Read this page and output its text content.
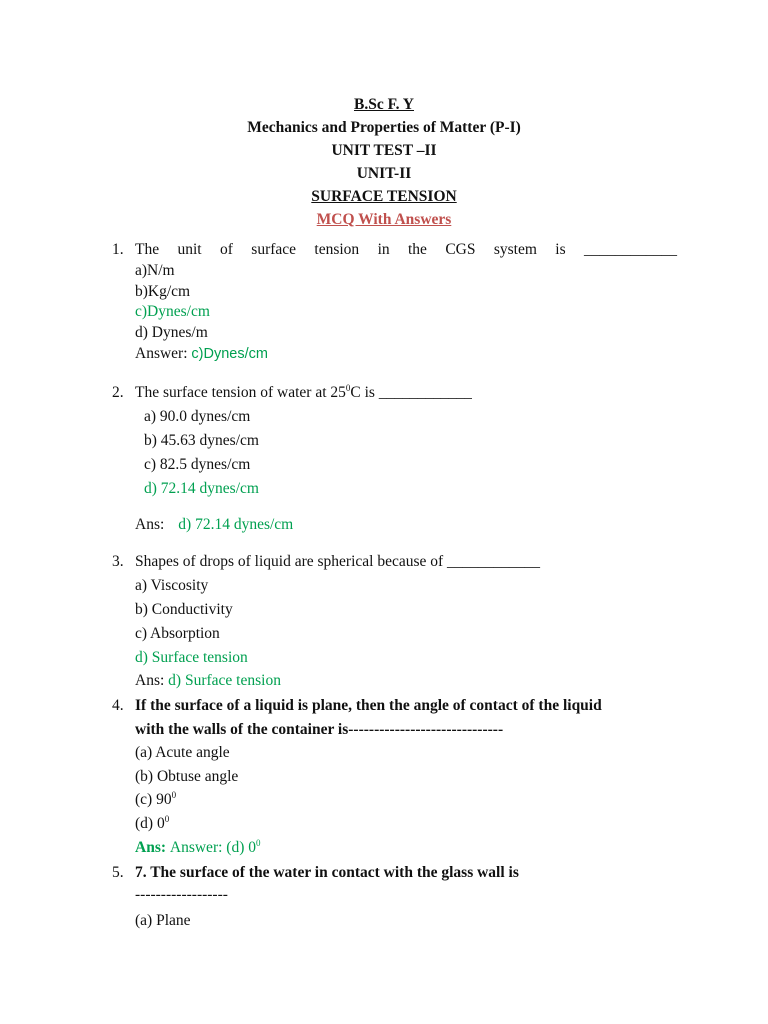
B.Sc F. Y
Mechanics and Properties of Matter (P-I)
UNIT TEST –II
UNIT-II
SURFACE TENSION
MCQ With Answers
1. The unit of surface tension in the CGS system is ____________
a)N/m
b)Kg/cm
c)Dynes/cm
d) Dynes/m
Answer: c)Dynes/cm
2. The surface tension of water at $25^0C$ is ____________
a) 90.0 dynes/cm
b) 45.63 dynes/cm
c) 82.5 dynes/cm
d) 72.14 dynes/cm
Ans: d) 72.14 dynes/cm
3. Shapes of drops of liquid are spherical because of ____________
a) Viscosity
b) Conductivity
c) Absorption
d) Surface tension
Ans: d) Surface tension
4. If the surface of a liquid is plane, then the angle of contact of the liquid
with the walls of the container is------------------------------
(a) Acute angle
(b) Obtuse angle
(c) $90^0$
(d) $0^0$
Ans: Answer: (d) $0^0$
5. 7. The surface of the water in contact with the glass wall is
------------------
(a) Plane
